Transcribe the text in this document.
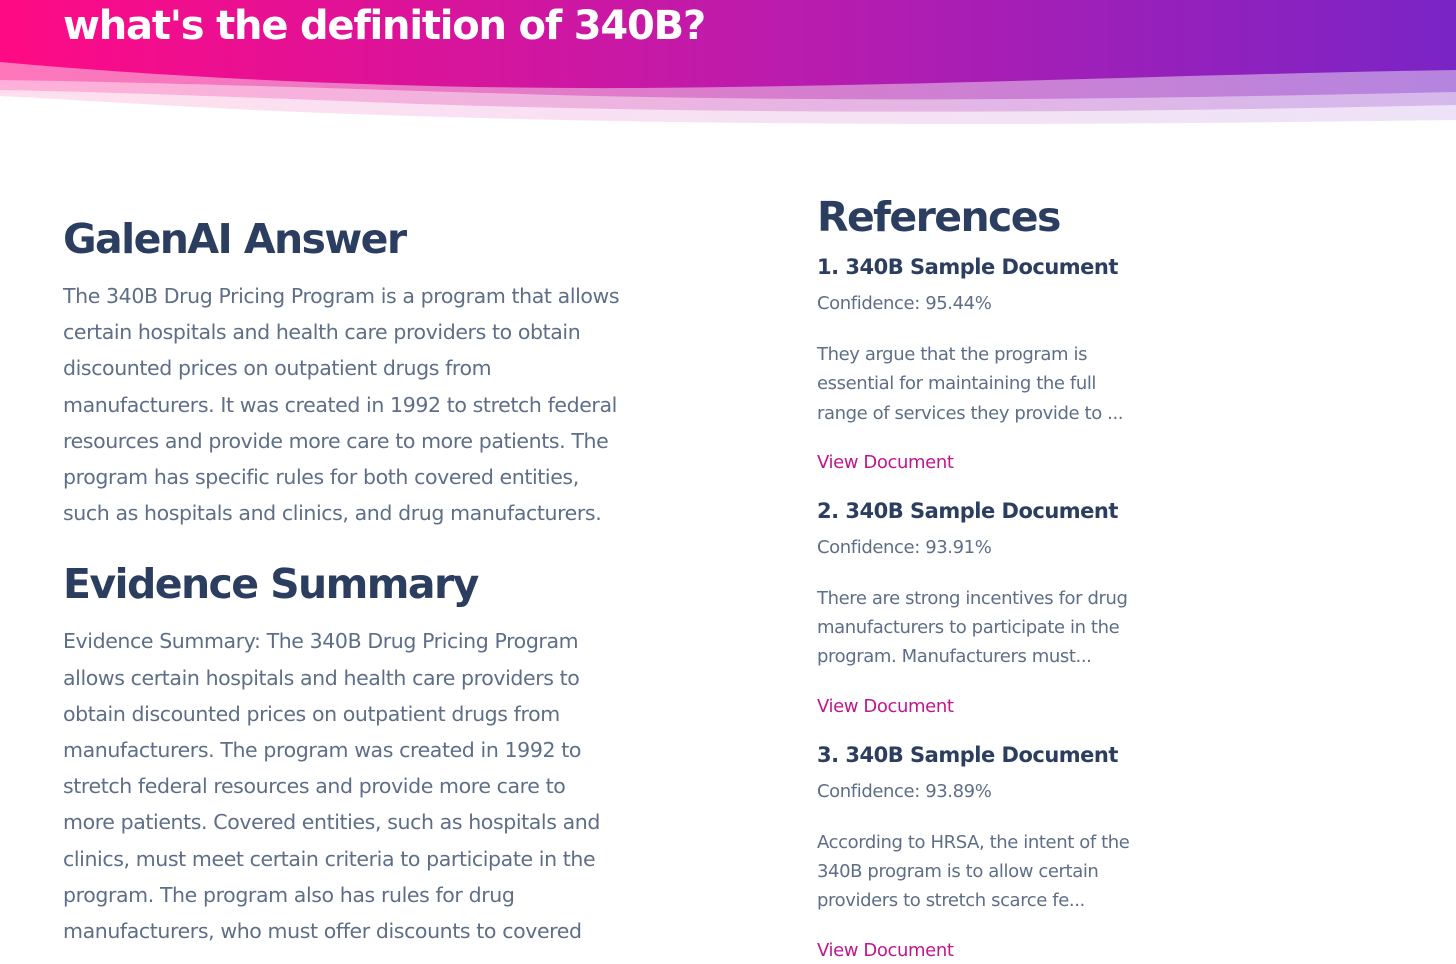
what's the definition of 340B?
GalenAI Answer

The 340B Drug Pricing Program is a program that allows
certain hospitals and health care providers to obtain
discounted prices on outpatient drugs from
manufacturers. It was created in 1992 to stretch federal
resources and provide more care to more patients. The
program has specific rules for both covered entities,
such as hospitals and clinics, and drug manufacturers.

Evidence Summary

Evidence Summary: The 340B Drug Pricing Program
allows certain hospitals and health care providers to
obtain discounted prices on outpatient drugs from
manufacturers. The program was created in 1992 to
stretch federal resources and provide more care to
more patients. Covered entities, such as hospitals and
clinics, must meet certain criteria to participate in the
program. The program also has rules for drug
manufacturers, who must offer discounts to covered

References
1. 340B Sample Document
Confidence: 95.44%
They argue that the program is
essential for maintaining the full
range of services they provide to ...
View Document
2. 340B Sample Document
Confidence: 93.91%
There are strong incentives for drug
manufacturers to participate in the
program. Manufacturers must...
View Document
3. 340B Sample Document
Confidence: 93.89%
According to HRSA, the intent of the
340B program is to allow certain
providers to stretch scarce fe...
View Document
